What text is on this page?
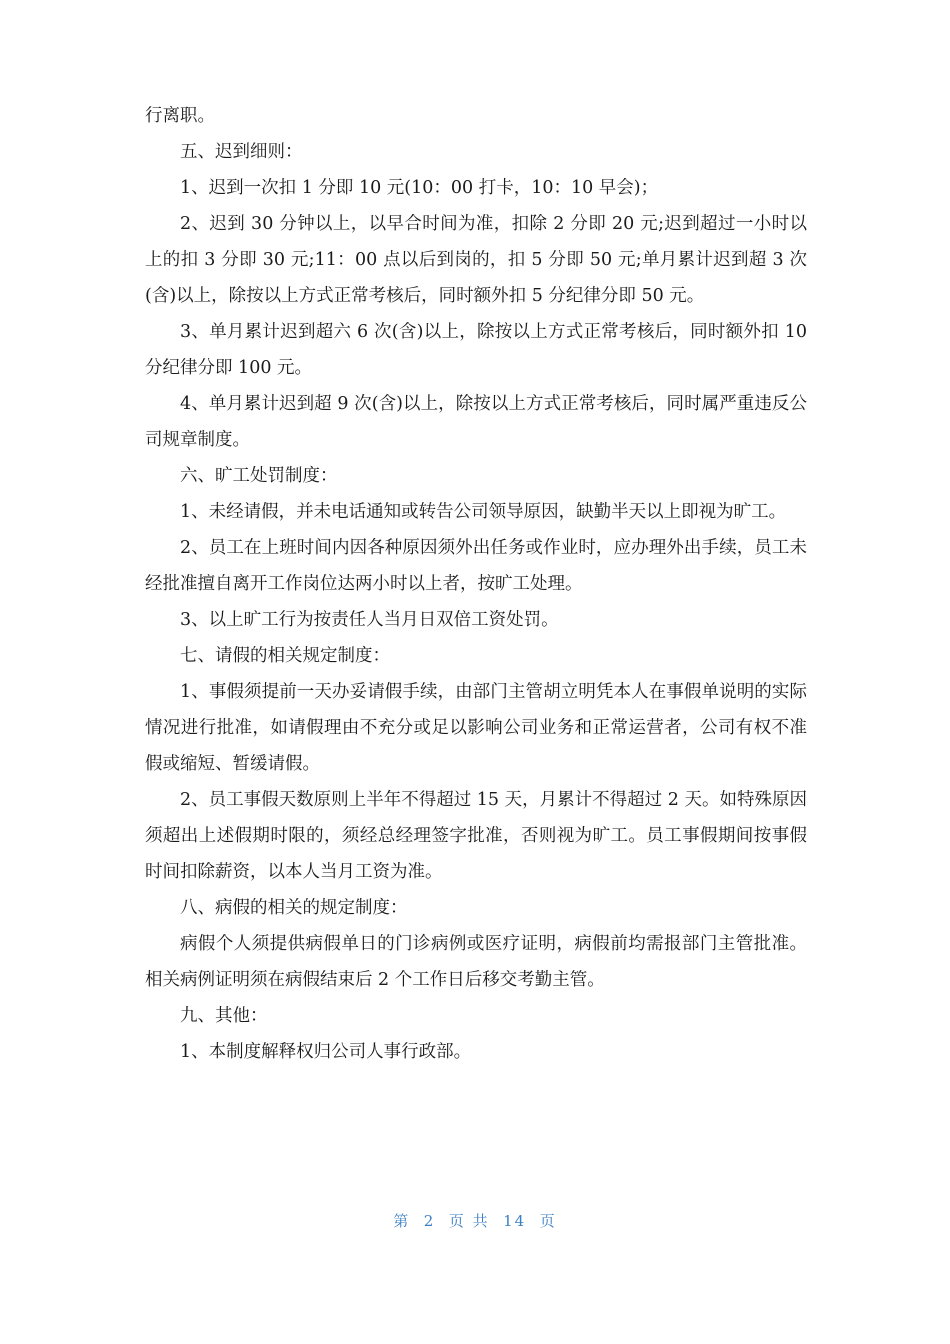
行离职。

五、迟到细则：

1、迟到一次扣 1 分即 10 元(10：00 打卡，10：10 早会)；

2、迟到 30 分钟以上，以早合时间为准，扣除 2 分即 20 元;迟到超过一小时以上的扣 3 分即 30 元;11：00 点以后到岗的，扣 5 分即 50 元;单月累计迟到超 3 次(含)以上，除按以上方式正常考核后，同时额外扣 5 分纪律分即 50 元。

3、单月累计迟到超六 6 次(含)以上，除按以上方式正常考核后，同时额外扣 10 分纪律分即 100 元。

4、单月累计迟到超 9 次(含)以上，除按以上方式正常考核后，同时属严重违反公司规章制度。

六、旷工处罚制度：

1、未经请假，并未电话通知或转告公司领导原因，缺勤半天以上即视为旷工。

2、员工在上班时间内因各种原因须外出任务或作业时，应办理外出手续，员工未经批准擅自离开工作岗位达两小时以上者，按旷工处理。

3、以上旷工行为按责任人当月日双倍工资处罚。

七、请假的相关规定制度：

1、事假须提前一天办妥请假手续，由部门主管胡立明凭本人在事假单说明的实际情况进行批准，如请假理由不充分或足以影响公司业务和正常运营者，公司有权不准假或缩短、暂缓请假。

2、员工事假天数原则上半年不得超过 15 天，月累计不得超过 2 天。如特殊原因须超出上述假期时限的，须经总经理签字批准，否则视为旷工。员工事假期间按事假时间扣除薪资，以本人当月工资为准。

八、病假的相关的规定制度：

病假个人须提供病假单日的门诊病例或医疗证明，病假前均需报部门主管批准。相关病例证明须在病假结束后 2 个工作日后移交考勤主管。

九、其他：

1、本制度解释权归公司人事行政部。

第  2  页 共  14  页
